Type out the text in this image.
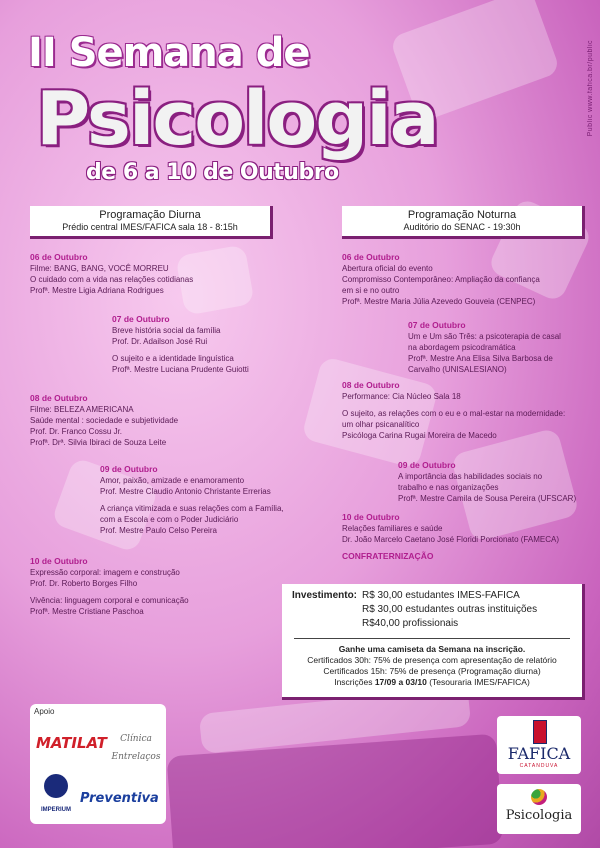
Public www.fafica.br/public
II Semana de
Psicologia
de 6 a 10 de Outubro
Programação Diurna
Prédio central IMES/FAFICA sala 18 - 8:15h
Programação Noturna
Auditório do SENAC - 19:30h

06 de Outubro

Filme: BANG, BANG, VOCÊ MORREU

O cuidado com a vida nas relações cotidianas

Profª. Mestre Ligia Adriana Rodrigues

07 de Outubro

Breve história social da família

Prof. Dr. Adailson José Rui

O sujeito e a identidade linguística

Profª. Mestre Luciana Prudente Guiotti

08 de Outubro

Filme: BELEZA AMERICANA

Saúde mental : sociedade e subjetividade

Prof. Dr. Franco Cossu Jr.

Profª. Drª. Silvia Ibiraci de Souza Leite

09 de Outubro

Amor, paixão, amizade e enamoramento

Prof. Mestre Claudio Antonio Christante Errerias

A criança vitimizada e suas relações com a Família,

com a Escola e com o Poder Judiciário

Prof. Mestre Paulo Celso Pereira

10 de Outubro

Expressão corporal: imagem e construção

Prof. Dr. Roberto Borges Filho

Vivência: linguagem corporal e comunicação

Profª. Mestre Cristiane Paschoa

06 de Outubro

Abertura oficial do evento

Compromisso Contemporâneo: Ampliação da confiança

em si e no outro

Profª. Mestre Maria Júlia Azevedo Gouveia (CENPEC)

07 de Outubro

Um e Um são Três: a psicoterapia de casal

na abordagem psicodramática

Profª. Mestre Ana Elisa Silva Barbosa de

Carvalho (UNISALESIANO)

08 de Outubro

Performance: Cia Núcleo Sala 18

O sujeito, as relações com o eu e o mal-estar na modernidade:

um olhar psicanalítico

Psicóloga Carina Rugai Moreira de Macedo

09 de Outubro

A importância das habilidades sociais no

trabalho e nas organizações

Profª. Mestre Camila de Sousa Pereira (UFSCAR)

10 de Outubro

Relações familiares e saúde

Dr. João Marcelo Caetano José Floridi Porcionato (FAMECA)

CONFRATERNIZAÇÃO
Investimento: R$ 30,00 estudantes IMES-FAFICA
R$ 30,00 estudantes outras instituições
R$40,00 profissionais
Ganhe uma camiseta da Semana na inscrição.
Certificados 30h: 75% de presença com apresentação de relatório
Certificados 15h: 75% de presença (Programação diurna)
Inscrições 17/09 a 03/10 (Tesouraria IMES/FAFICA)
Apoio
MATILAT	Clínica Entrelaços
IMPERIUM
Preventiva
FAFICA
CATANDUVA
Psicologia
